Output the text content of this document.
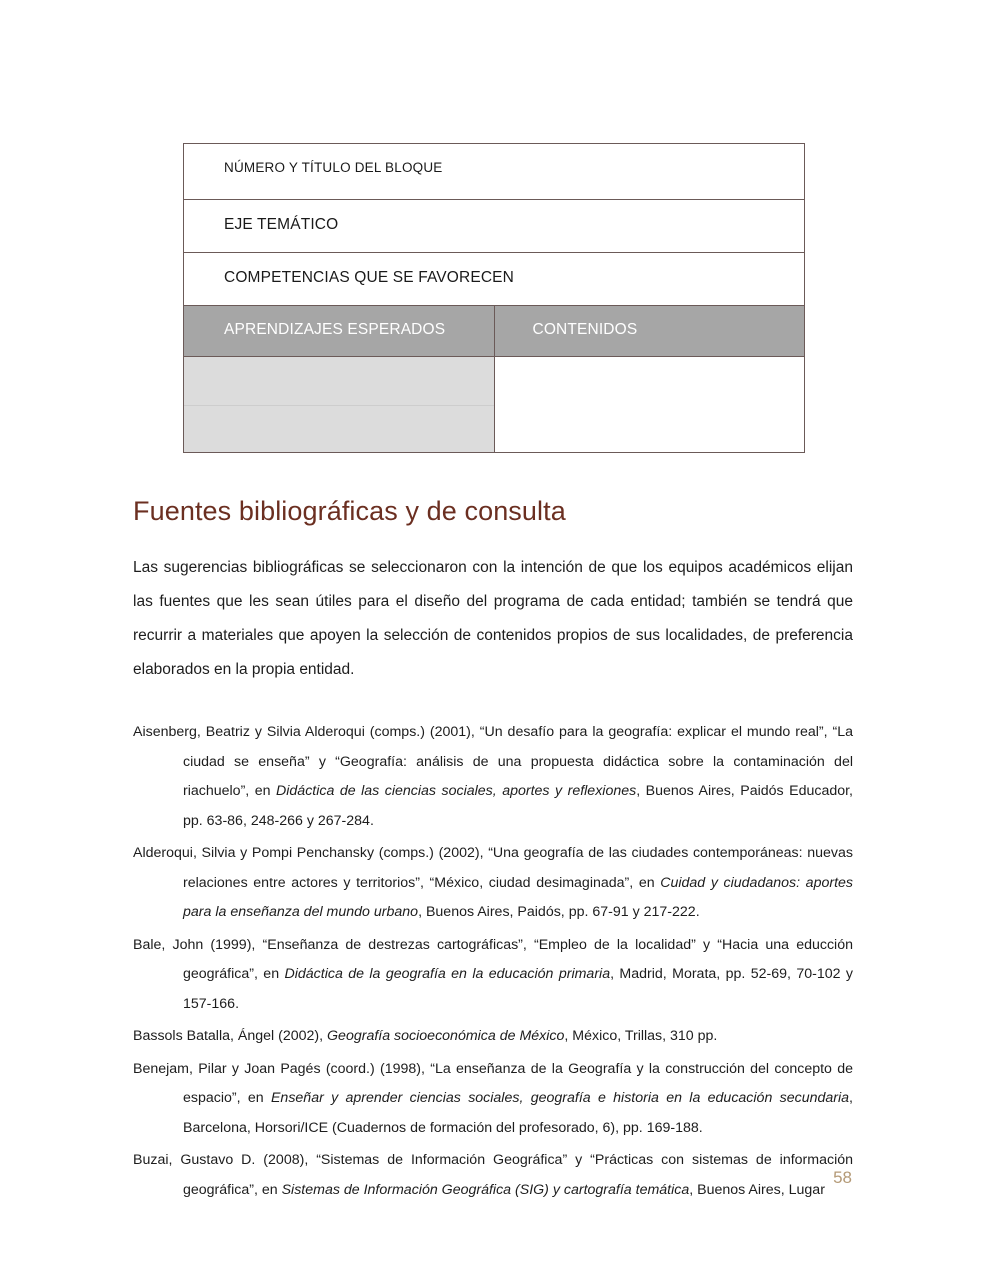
NÚMERO Y TÍTULO DEL BLOQUE	

EJE TEMÁTICO	

COMPETENCIAS QUE SE FAVORECEN	

APRENDIZAJES ESPERADOS	CONTENIDOS

Fuentes bibliográficas y de consulta

Las sugerencias bibliográficas se seleccionaron con la intención de que los equipos académicos elijan las fuentes que les sean útiles para el diseño del programa de cada entidad; también se tendrá que recurrir a materiales que apoyen la selección de contenidos propios de sus localidades, de preferencia elaborados en la propia entidad.

Aisenberg, Beatriz y Silvia Alderoqui (comps.) (2001), “Un desafío para la geografía: explicar el mundo real”, “La ciudad se enseña” y “Geografía: análisis de una propuesta didáctica sobre la contaminación del riachuelo”, en Didáctica de las ciencias sociales, aportes y reflexiones, Buenos Aires, Paidós Educador, pp. 63-86, 248-266 y 267-284.

Alderoqui, Silvia y Pompi Penchansky (comps.) (2002), “Una geografía de las ciudades contemporáneas: nuevas relaciones entre actores y territorios”, “México, ciudad desimaginada”, en Cuidad y ciudadanos: aportes para la enseñanza del mundo urbano, Buenos Aires, Paidós, pp. 67-91 y 217-222.

Bale, John (1999), “Enseñanza de destrezas cartográficas”, “Empleo de la localidad” y “Hacia una educción geográfica”, en Didáctica de la geografía en la educación primaria, Madrid, Morata, pp. 52-69, 70-102 y 157-166.

Bassols Batalla, Ángel (2002), Geografía socioeconómica de México, México, Trillas, 310 pp.

Benejam, Pilar y Joan Pagés (coord.) (1998), “La enseñanza de la Geografía y la construcción del concepto de espacio”, en Enseñar y aprender ciencias sociales, geografía e historia en la educación secundaria, Barcelona, Horsori/ICE (Cuadernos de formación del profesorado, 6), pp. 169-188.

Buzai, Gustavo D. (2008), “Sistemas de Información Geográfica” y “Prácticas con sistemas de información geográfica”, en Sistemas de Información Geográfica (SIG) y cartografía temática, Buenos Aires, Lugar

58
